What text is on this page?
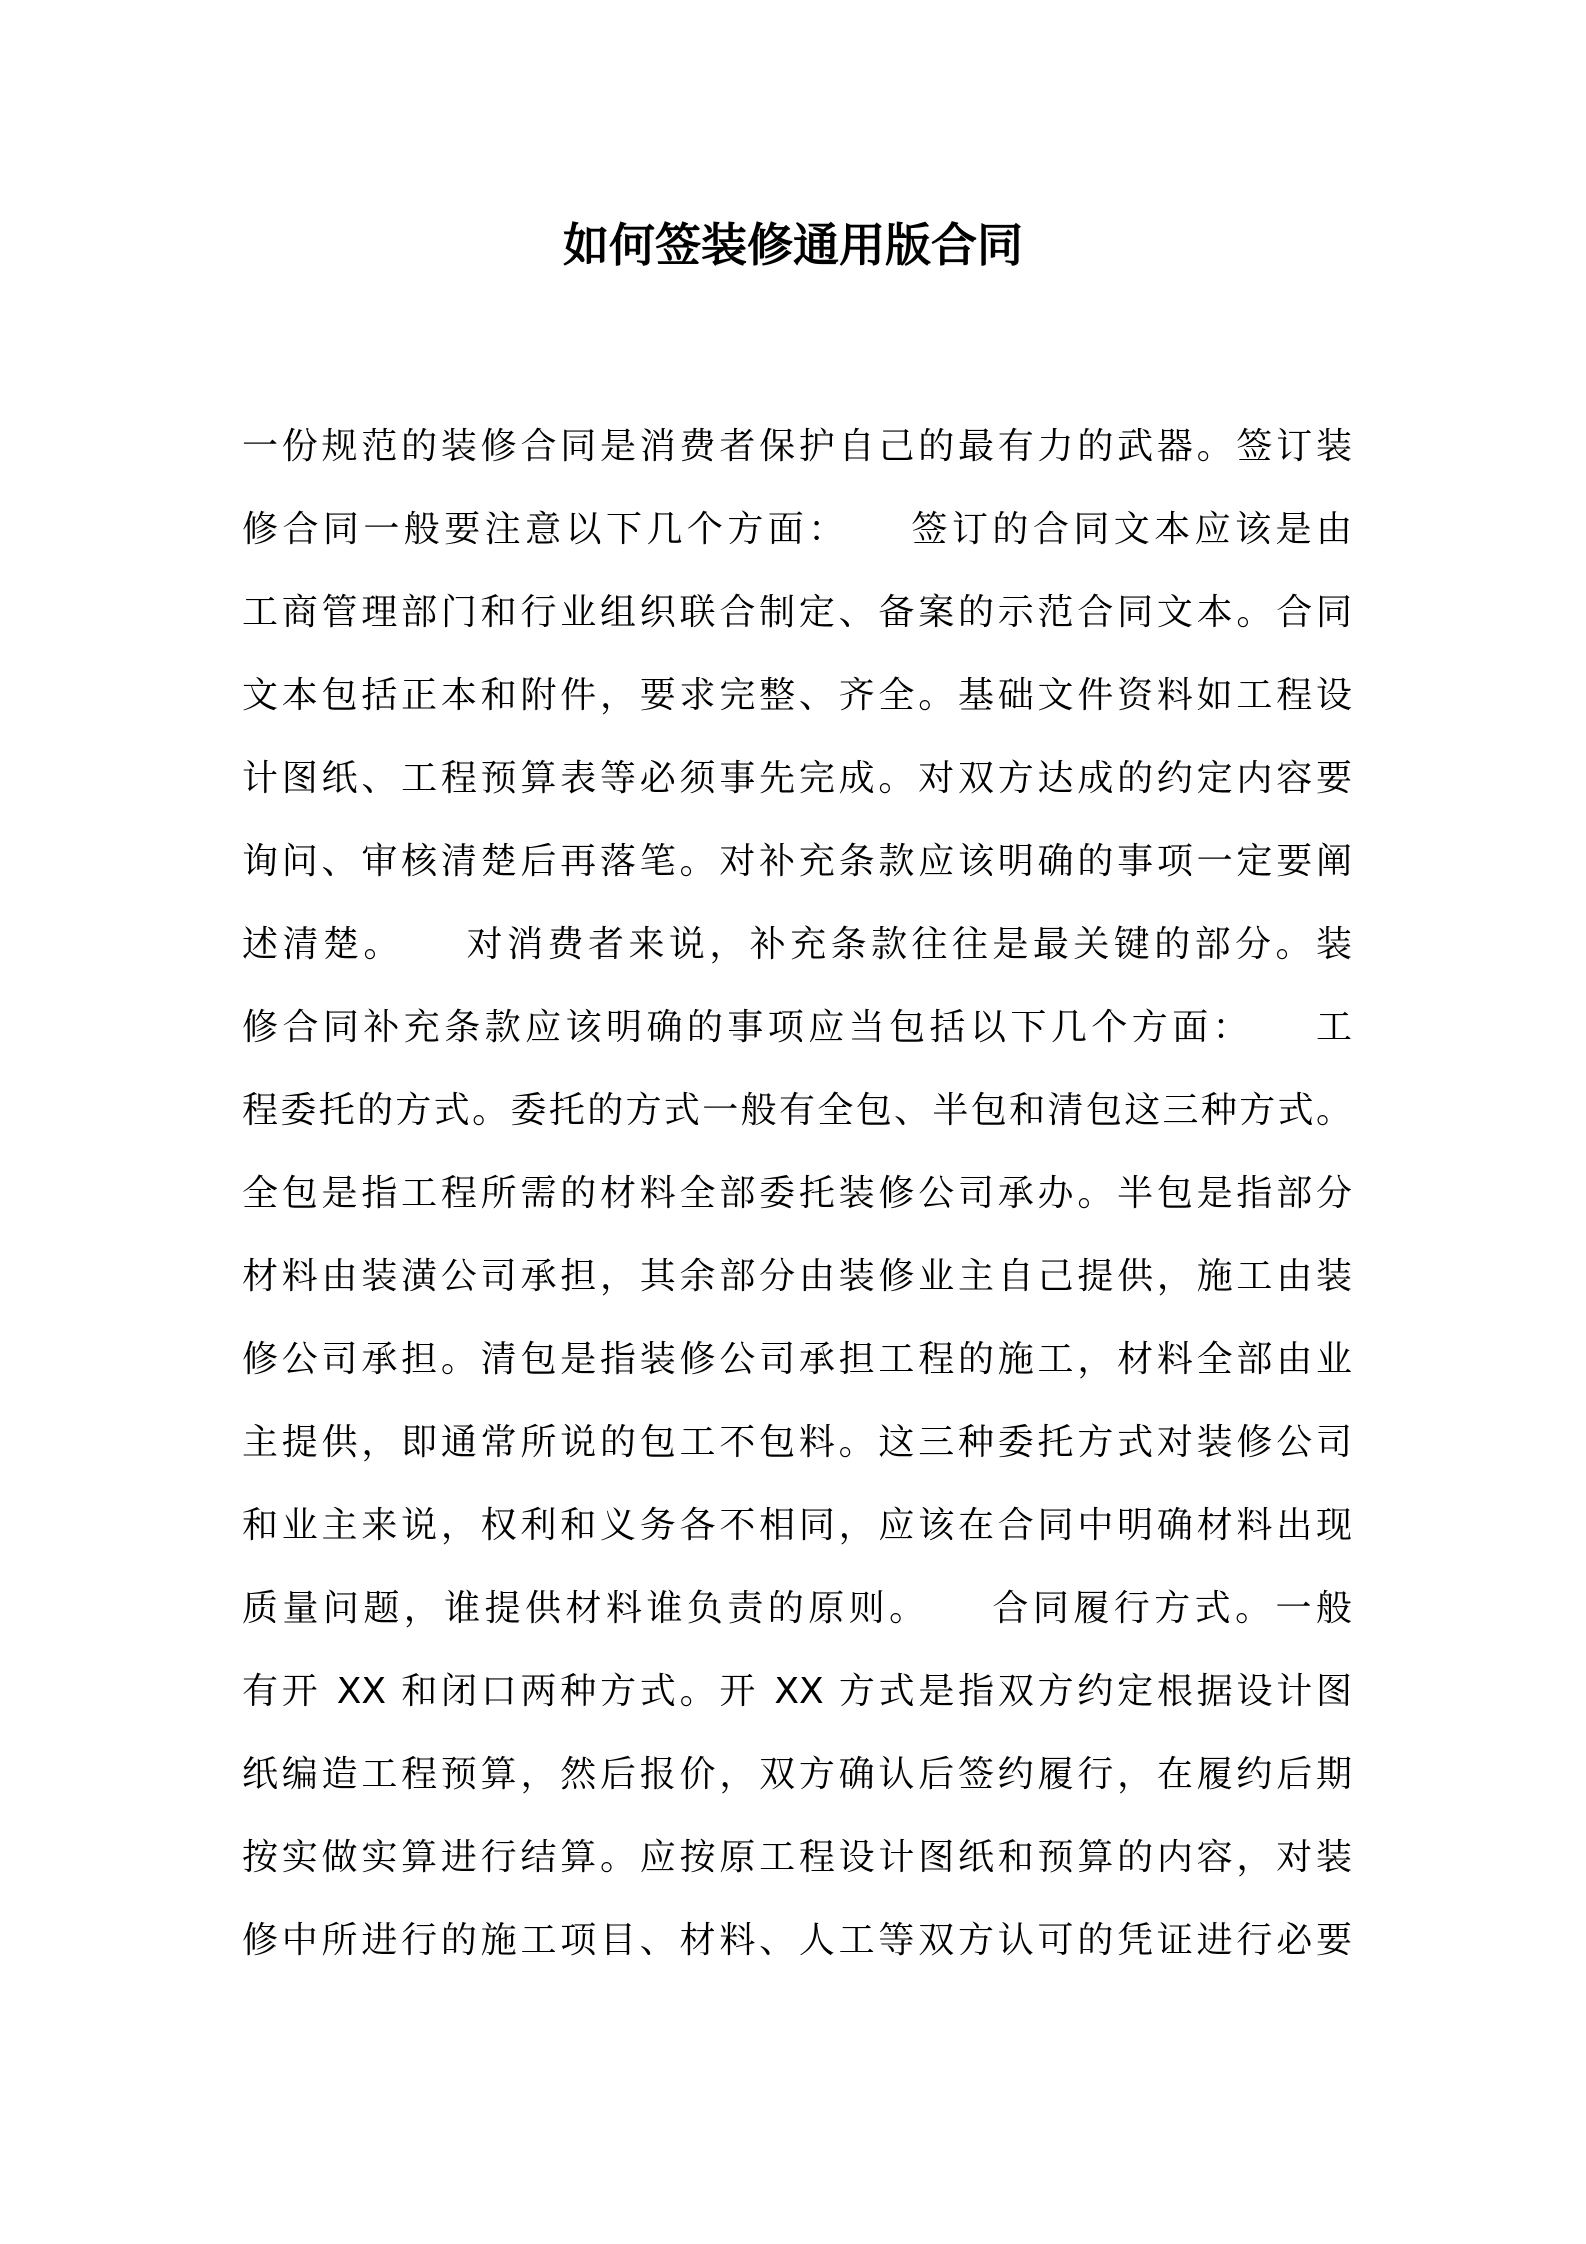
如何签装修通用版合同
一份规范的装修合同是消费者保护自己的最有力的武器。签订装
修合同一般要注意以下几个方面：　　签订的合同文本应该是由
工商管理部门和行业组织联合制定、备案的示范合同文本。合同
文本包括正本和附件，要求完整、齐全。基础文件资料如工程设
计图纸、工程预算表等必须事先完成。对双方达成的约定内容要
询问、审核清楚后再落笔。对补充条款应该明确的事项一定要阐
述清楚。　　对消费者来说，补充条款往往是最关键的部分。装
修合同补充条款应该明确的事项应当包括以下几个方面：　　工
程委托的方式。委托的方式一般有全包、半包和清包这三种方式。
全包是指工程所需的材料全部委托装修公司承办。半包是指部分
材料由装潢公司承担，其余部分由装修业主自己提供，施工由装
修公司承担。清包是指装修公司承担工程的施工，材料全部由业
主提供，即通常所说的包工不包料。这三种委托方式对装修公司
和业主来说，权利和义务各不相同，应该在合同中明确材料出现
质量问题，谁提供材料谁负责的原则。　　合同履行方式。一般
有开 XX 和闭口两种方式。开 XX 方式是指双方约定根据设计图
纸编造工程预算，然后报价，双方确认后签约履行，在履约后期
按实做实算进行结算。应按原工程设计图纸和预算的内容，对装
修中所进行的施工项目、材料、人工等双方认可的凭证进行必要
